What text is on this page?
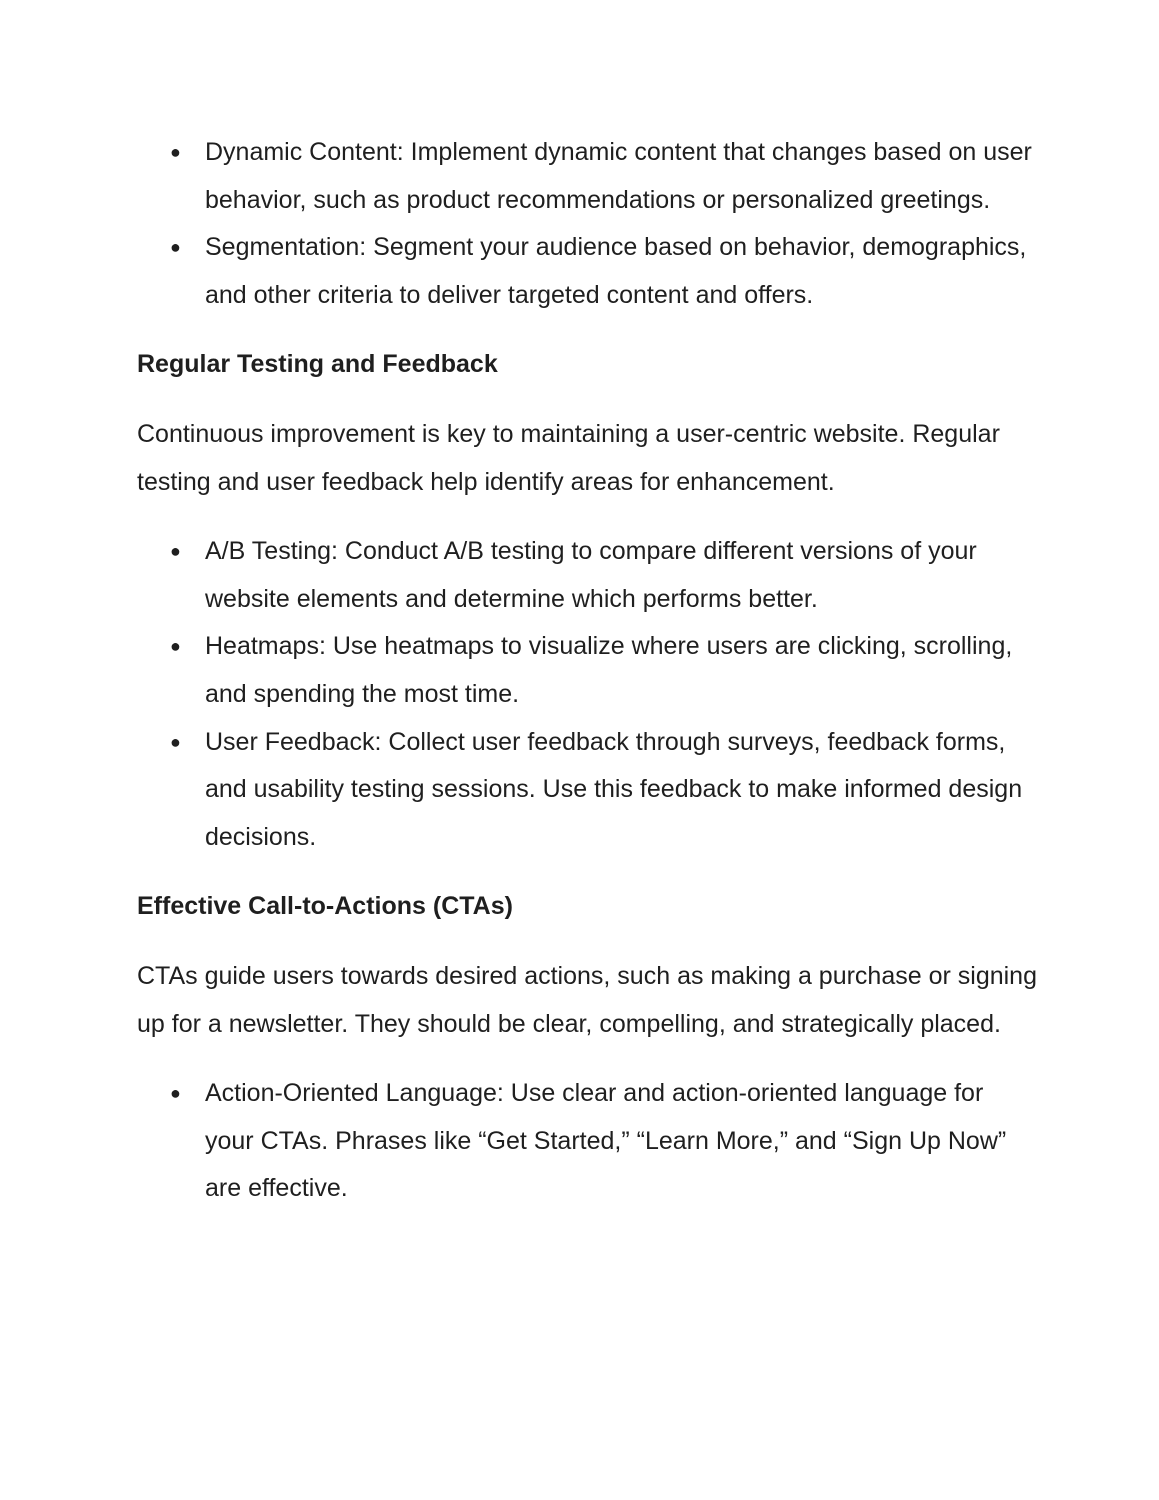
● Dynamic Content: Implement dynamic content that changes based on user behavior, such as product recommendations or personalized greetings.
● Segmentation: Segment your audience based on behavior, demographics, and other criteria to deliver targeted content and offers.
Regular Testing and Feedback

Continuous improvement is key to maintaining a user-centric website. Regular testing and user feedback help identify areas for enhancement.

● A/B Testing: Conduct A/B testing to compare different versions of your website elements and determine which performs better.
● Heatmaps: Use heatmaps to visualize where users are clicking, scrolling, and spending the most time.
● User Feedback: Collect user feedback through surveys, feedback forms, and usability testing sessions. Use this feedback to make informed design decisions.
Effective Call-to-Actions (CTAs)

CTAs guide users towards desired actions, such as making a purchase or signing up for a newsletter. They should be clear, compelling, and strategically placed.

● Action-Oriented Language: Use clear and action-oriented language for your CTAs. Phrases like “Get Started,” “Learn More,” and “Sign Up Now” are effective.
